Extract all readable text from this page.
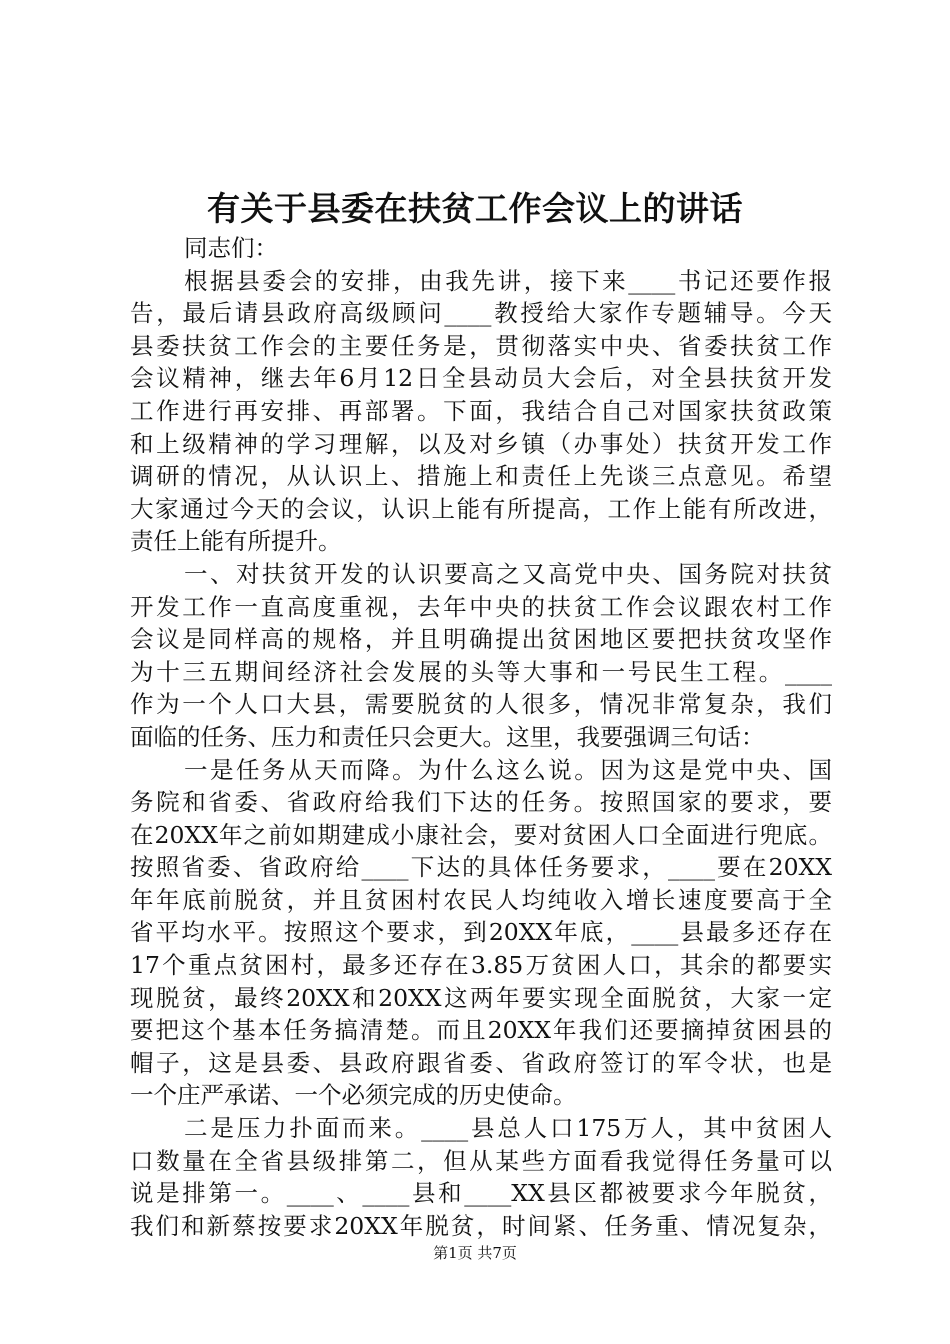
有关于县委在扶贫工作会议上的讲话
同志们：
根据县委会的安排，由我先讲，接下来____书记还要作报
告，最后请县政府高级顾问____教授给大家作专题辅导。今天
县委扶贫工作会的主要任务是，贯彻落实中央、省委扶贫工作
会议精神，继去年6月12日全县动员大会后，对全县扶贫开发
工作进行再安排、再部署。下面，我结合自己对国家扶贫政策
和上级精神的学习理解，以及对乡镇（办事处）扶贫开发工作
调研的情况，从认识上、措施上和责任上先谈三点意见。希望
大家通过今天的会议，认识上能有所提高，工作上能有所改进，
责任上能有所提升。
一、对扶贫开发的认识要高之又高党中央、国务院对扶贫
开发工作一直高度重视，去年中央的扶贫工作会议跟农村工作
会议是同样高的规格，并且明确提出贫困地区要把扶贫攻坚作
为十三五期间经济社会发展的头等大事和一号民生工程。____
作为一个人口大县，需要脱贫的人很多，情况非常复杂，我们
面临的任务、压力和责任只会更大。这里，我要强调三句话：
一是任务从天而降。为什么这么说。因为这是党中央、国
务院和省委、省政府给我们下达的任务。按照国家的要求，要
在20XX年之前如期建成小康社会，要对贫困人口全面进行兜底。
按照省委、省政府给____下达的具体任务要求，____要在20XX
年年底前脱贫，并且贫困村农民人均纯收入增长速度要高于全
省平均水平。按照这个要求，到20XX年底，____县最多还存在
17个重点贫困村，最多还存在3.85万贫困人口，其余的都要实
现脱贫，最终20XX和20XX这两年要实现全面脱贫，大家一定
要把这个基本任务搞清楚。而且20XX年我们还要摘掉贫困县的
帽子，这是县委、县政府跟省委、省政府签订的军令状，也是
一个庄严承诺、一个必须完成的历史使命。
二是压力扑面而来。____县总人口175万人，其中贫困人
口数量在全省县级排第二，但从某些方面看我觉得任务量可以
说是排第一。____、____县和____XX县区都被要求今年脱贫，
我们和新蔡按要求20XX年脱贫，时间紧、任务重、情况复杂，
第1页 共7页
